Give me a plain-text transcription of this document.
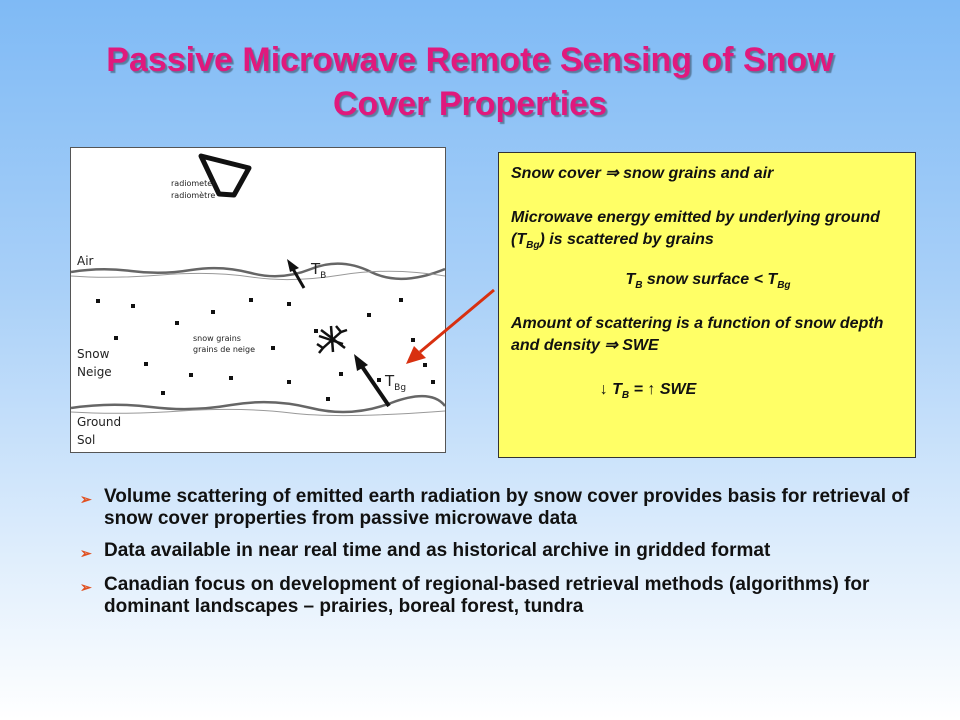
Passive Microwave Remote Sensing of Snow
Cover Properties
radiometer
radiomètre
Air
Snow
Neige
Ground
Sol
snow grains
grains de neige
$T_B$
$T_{Bg}$

Snow cover ⇒ snow grains and air

Microwave energy emitted by underlying ground $(T_{Bg})$ is scattered by grains

$T_B$ snow surface < $T_{Bg}$

Amount of scattering is a function of snow depth and density ⇒ SWE

↓ $T_B$ = ↑ SWE

➢ Volume scattering of emitted earth radiation by snow cover provides basis for retrieval of snow cover properties from passive microwave data
➢ Data available in near real time and as historical archive in gridded format
➢ Canadian focus on development of regional-based retrieval methods (algorithms) for dominant landscapes – prairies, boreal forest, tundra
